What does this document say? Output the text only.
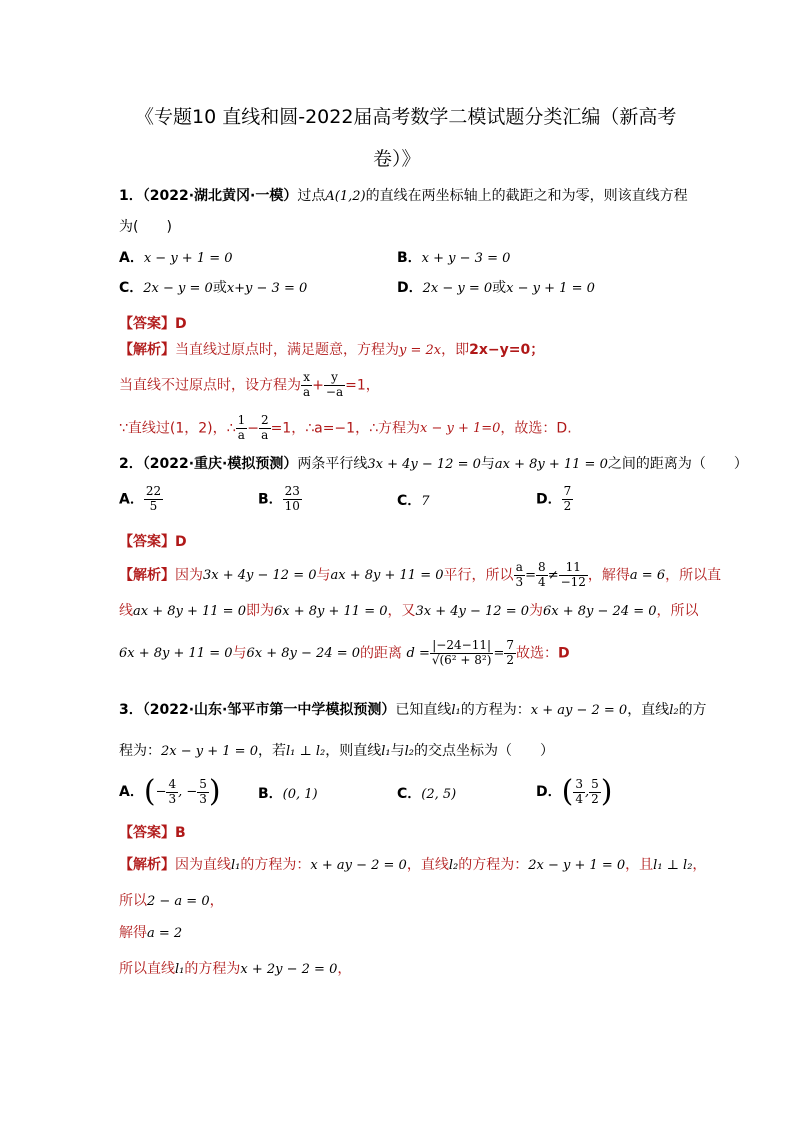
《专题10 直线和圆-2022届高考数学二模试题分类汇编（新高考
卷）》
1．（2022·湖北黄冈·一模）过点A(1,2)的直线在两坐标轴上的截距之和为零，则该直线方程
为(　　)
A．x − y + 1 = 0	B．x + y − 3 = 0
C．2x − y = 0或x+y − 3 = 0	D．2x − y = 0或x − y + 1 = 0
【答案】D
【解析】当直线过原点时，满足题意，方程为y = 2x，即2x−y=0；
当直线不过原点时，设方程为 $\frac{x}{a} + \frac{y}{-a} =1$，
∵直线过(1，2)，∴ $\frac{1}{a} - \frac{2}{a} =1$，∴a=−1，∴方程为x − y + 1=0，故选：D.
2．（2022·重庆·模拟预测）两条平行线3x + 4y − 12 = 0与ax + 8y + 11 = 0之间的距离为（　　）
A． $\frac{22}{5}$	B． $\frac{23}{10}$	C．7	D． $\frac{7}{2}$
【答案】D
【解析】因为3x + 4y − 12 = 0与ax + 8y + 11 = 0平行，所以 $\frac{a}{3} = \frac{8}{4} \ne \frac{11}{-12}$ ，解得a = 6，所以直
线ax + 8y + 11 = 0即为6x + 8y + 11 = 0，又3x + 4y − 12 = 0为6x + 8y − 24 = 0，所以
6x + 8y + 11 = 0与6x + 8y − 24 = 0的距离 $d = \frac{|-24-11|}{\text{√(6² + 8²)}} = \frac{7}{2}$ 故选：D
3．（2022·山东·邹平市第一中学模拟预测）已知直线l₁的方程为：x + ay − 2 = 0，直线l₂的方
程为：2x − y + 1 = 0，若l₁ ⊥ l₂，则直线l₁与l₂的交点坐标为（　　）
A．(− $\frac{4}{3}$ , − $\frac{5}{3}$ )	B．(0, 1)	C．(2, 5)	D．( $\frac{3}{4}$ , $\frac{5}{2}$ )
【答案】B
【解析】因为直线l₁的方程为：x + ay − 2 = 0，直线l₂的方程为：2x − y + 1 = 0，且l₁ ⊥ l₂，
所以2 − a = 0，
解得a = 2
所以直线l₁的方程为x + 2y − 2 = 0，
